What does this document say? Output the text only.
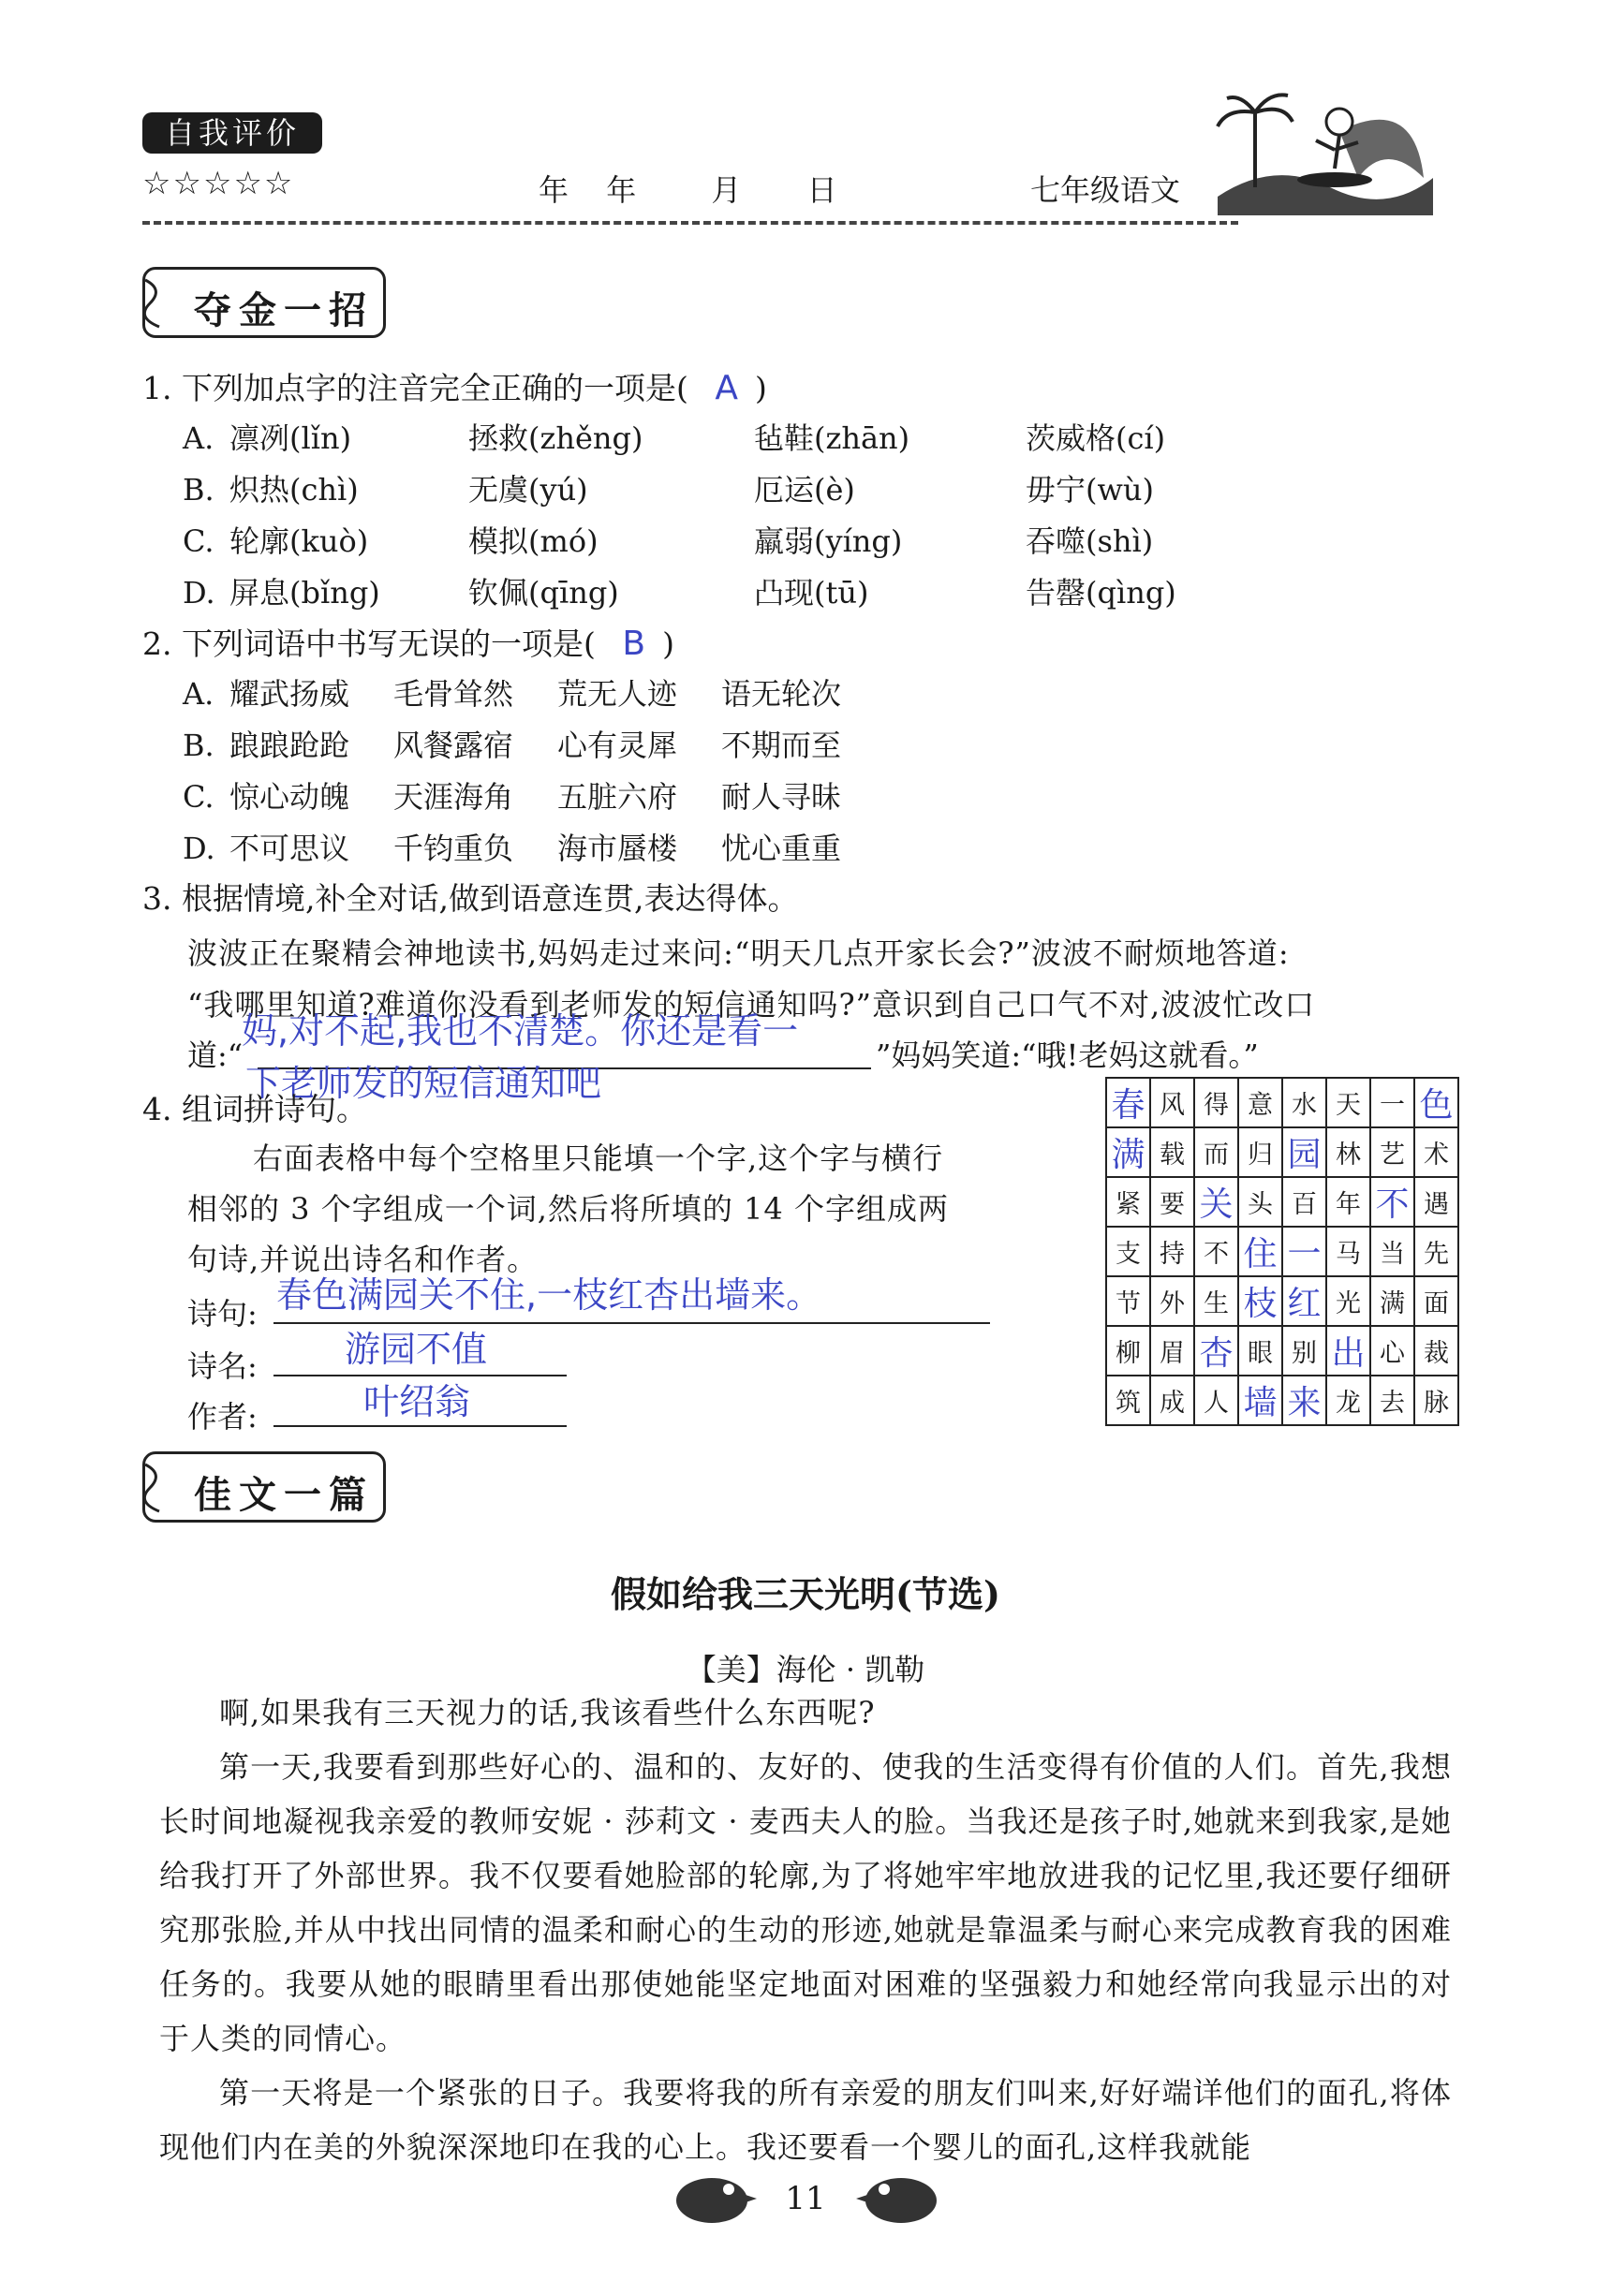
自我评价
☆☆☆☆☆	年 年	月 日	七年级语文
夺金一招
1. 下列加点字的注音完全正确的一项是( A )
A. 凛冽(lǐn)	拯救(zhěng)	毡鞋(zhān)	茨威格(cí)
B. 炽热(chì)	无虞(yú)	厄运(è)	毋宁(wù)
C. 轮廓(kuò)	模拟(mó)	羸弱(yíng)	吞噬(shì)
D. 屏息(bǐng)	钦佩(qīng)	凸现(tū)	告罄(qìng)
2. 下列词语中书写无误的一项是( B )
A. 耀武扬威 毛骨耸然 荒无人迹 语无轮次
B. 踉踉跄跄 风餐露宿 心有灵犀 不期而至
C. 惊心动魄 天涯海角 五脏六府 耐人寻昧
D. 不可思议 千钧重负 海市蜃楼 忧心重重
3. 根据情境,补全对话,做到语意连贯,表达得体。
波波正在聚精会神地读书,妈妈走过来问:“明天几点开家长会?”波波不耐烦地答道:
“我哪里知道?难道你没看到老师发的短信通知吗?”意识到自己口气不对,波波忙改口
道:“	”妈妈笑道:“哦!老妈这就看。”
妈,对不起,我也不清楚。你还是看一
下老师发的短信通知吧
4. 组词拼诗句。
右面表格中每个空格里只能填一个字,这个字与横行
相邻的 3 个字组成一个词,然后将所填的 14 个字组成两
句诗,并说出诗名和作者。
诗句: 春色满园关不住,一枝红杏出墙来。
诗名: 游园不值
作者:	叶绍翁
春	风	得	意	水	天	一	色
满	载	而	归	园	林	艺	术
紧	要	关	头	百	年	不	遇
支	持	不	住	一	马	当	先
节	外	生	枝	红	光	满	面
柳	眉	杏	眼	别	出	心	裁
筑	成	人	墙	来	龙	去	脉
佳文一篇
假如给我三天光明(节选)
【美】海伦 · 凯勒

啊,如果我有三天视力的话,我该看些什么东西呢?

第一天,我要看到那些好心的、温和的、友好的、使我的生活变得有价值的人们。首先,我想长时间地凝视我亲爱的教师安妮 · 莎莉文 · 麦西夫人的脸。当我还是孩子时,她就来到我家,是她给我打开了外部世界。我不仅要看她脸部的轮廓,为了将她牢牢地放进我的记忆里,我还要仔细研究那张脸,并从中找出同情的温柔和耐心的生动的形迹,她就是靠温柔与耐心来完成教育我的困难任务的。我要从她的眼睛里看出那使她能坚定地面对困难的坚强毅力和她经常向我显示出的对于人类的同情心。

第一天将是一个紧张的日子。我要将我的所有亲爱的朋友们叫来,好好端详他们的面孔,将体现他们内在美的外貌深深地印在我的心上。我还要看一个婴儿的面孔,这样我就能

11
